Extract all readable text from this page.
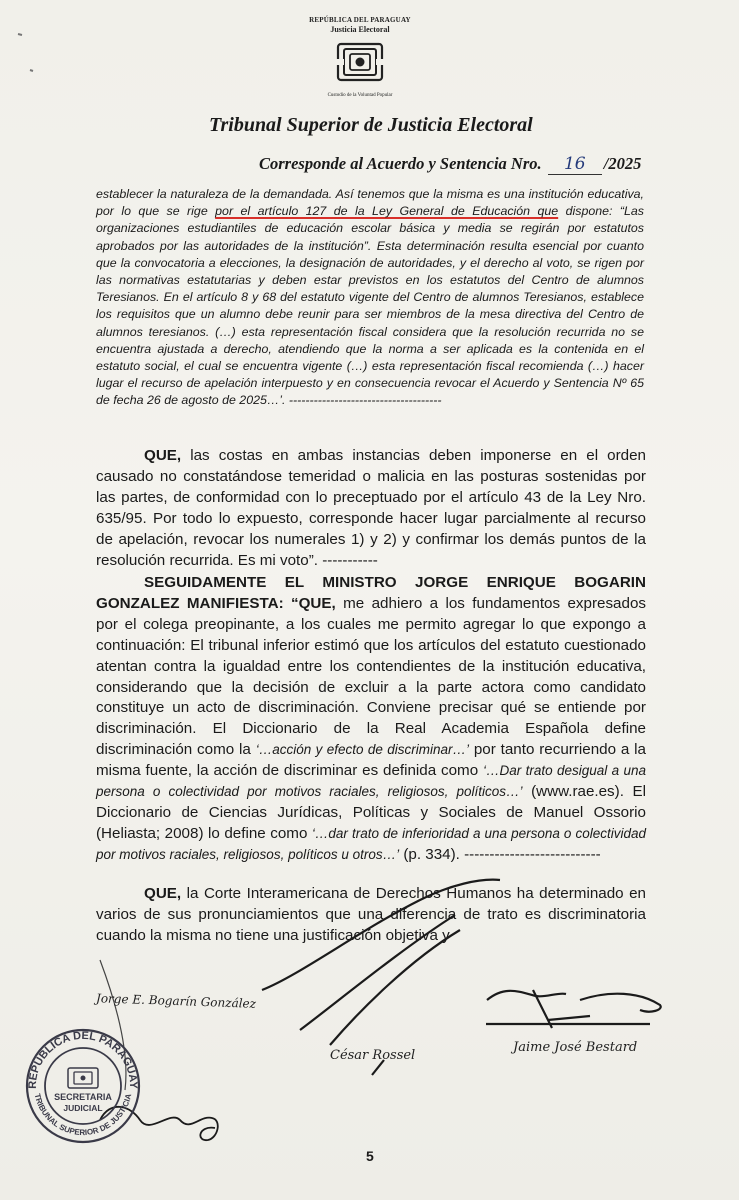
REPÚBLICA DEL PARAGUAY
Justicia Electoral
Custodio de la Voluntad Popular
Tribunal Superior de Justicia Electoral
Corresponde al Acuerdo y Sentencia Nro. 16 /2025

establecer la naturaleza de la demandada. Así tenemos que la misma es una institución educativa, por lo que se rige por el artículo 127 de la Ley General de Educación que dispone: “Las organizaciones estudiantiles de educación escolar básica y media se regirán por estatutos aprobados por las autoridades de la institución”. Esta determinación resulta esencial por cuanto que la convocatoria a elecciones, la designación de autoridades, y el derecho al voto, se rigen por las normativas estatutarias y deben estar previstos en los estatutos del Centro de alumnos Teresianos. En el artículo 8 y 68 del estatuto vigente del Centro de alumnos Teresianos, establece los requisitos que un alumno debe reunir para ser miembros de la mesa directiva del Centro de alumnos teresianos. (…) esta representación fiscal considera que la resolución recurrida no se encuentra ajustada a derecho, atendiendo que la norma a ser aplicada es la contenida en el estatuto social, el cual se encuentra vigente (…) esta representación fiscal recomienda (…) hacer lugar el recurso de apelación interpuesto y en consecuencia revocar el Acuerdo y Sentencia Nº 65 de fecha 26 de agosto de 2025…’. -------------------------------------

QUE, las costas en ambas instancias deben imponerse en el orden causado no constatándose temeridad o malicia en las posturas sostenidas por las partes, de conformidad con lo preceptuado por el artículo 43 de la Ley Nro. 635/95. Por todo lo expuesto, corresponde hacer lugar parcialmente al recurso de apelación, revocar los numerales 1) y 2) y confirmar los demás puntos de la resolución recurrida. Es mi voto”. -----------

SEGUIDAMENTE EL MINISTRO JORGE ENRIQUE BOGARIN GONZALEZ MANIFIESTA: “QUE, me adhiero a los fundamentos expresados por el colega preopinante, a los cuales me permito agregar lo que expongo a continuación: El tribunal inferior estimó que los artículos del estatuto cuestionado atentan contra la igualdad entre los contendientes de la institución educativa, considerando que la decisión de excluir a la parte actora como candidato constituye un acto de discriminación. Conviene precisar qué se entiende por discriminación. El Diccionario de la Real Academia Española define discriminación como la ‘…acción y efecto de discriminar…’ por tanto recurriendo a la misma fuente, la acción de discriminar es definida como ‘…Dar trato desigual a una persona o colectividad por motivos raciales, religiosos, políticos…’ (www.rae.es). El Diccionario de Ciencias Jurídicas, Políticas y Sociales de Manuel Ossorio (Heliasta; 2008) lo define como ‘…dar trato de inferioridad a una persona o colectividad por motivos raciales, religiosos, políticos u otros…’ (p. 334). ---------------------------

QUE, la Corte Interamericana de Derechos Humanos ha determinado en varios de sus pronunciamientos que una diferencia de trato es discriminatoria cuando la misma no tiene una justificación objetiva y

REPÚBLICA DEL PARAGUAY
TRIBUNAL SUPERIOR DE JUSTICIA
SECRETARIA
JUDICIAL
Jorge E. Bogarín González
César Rossel
Jaime José Bestard
5
